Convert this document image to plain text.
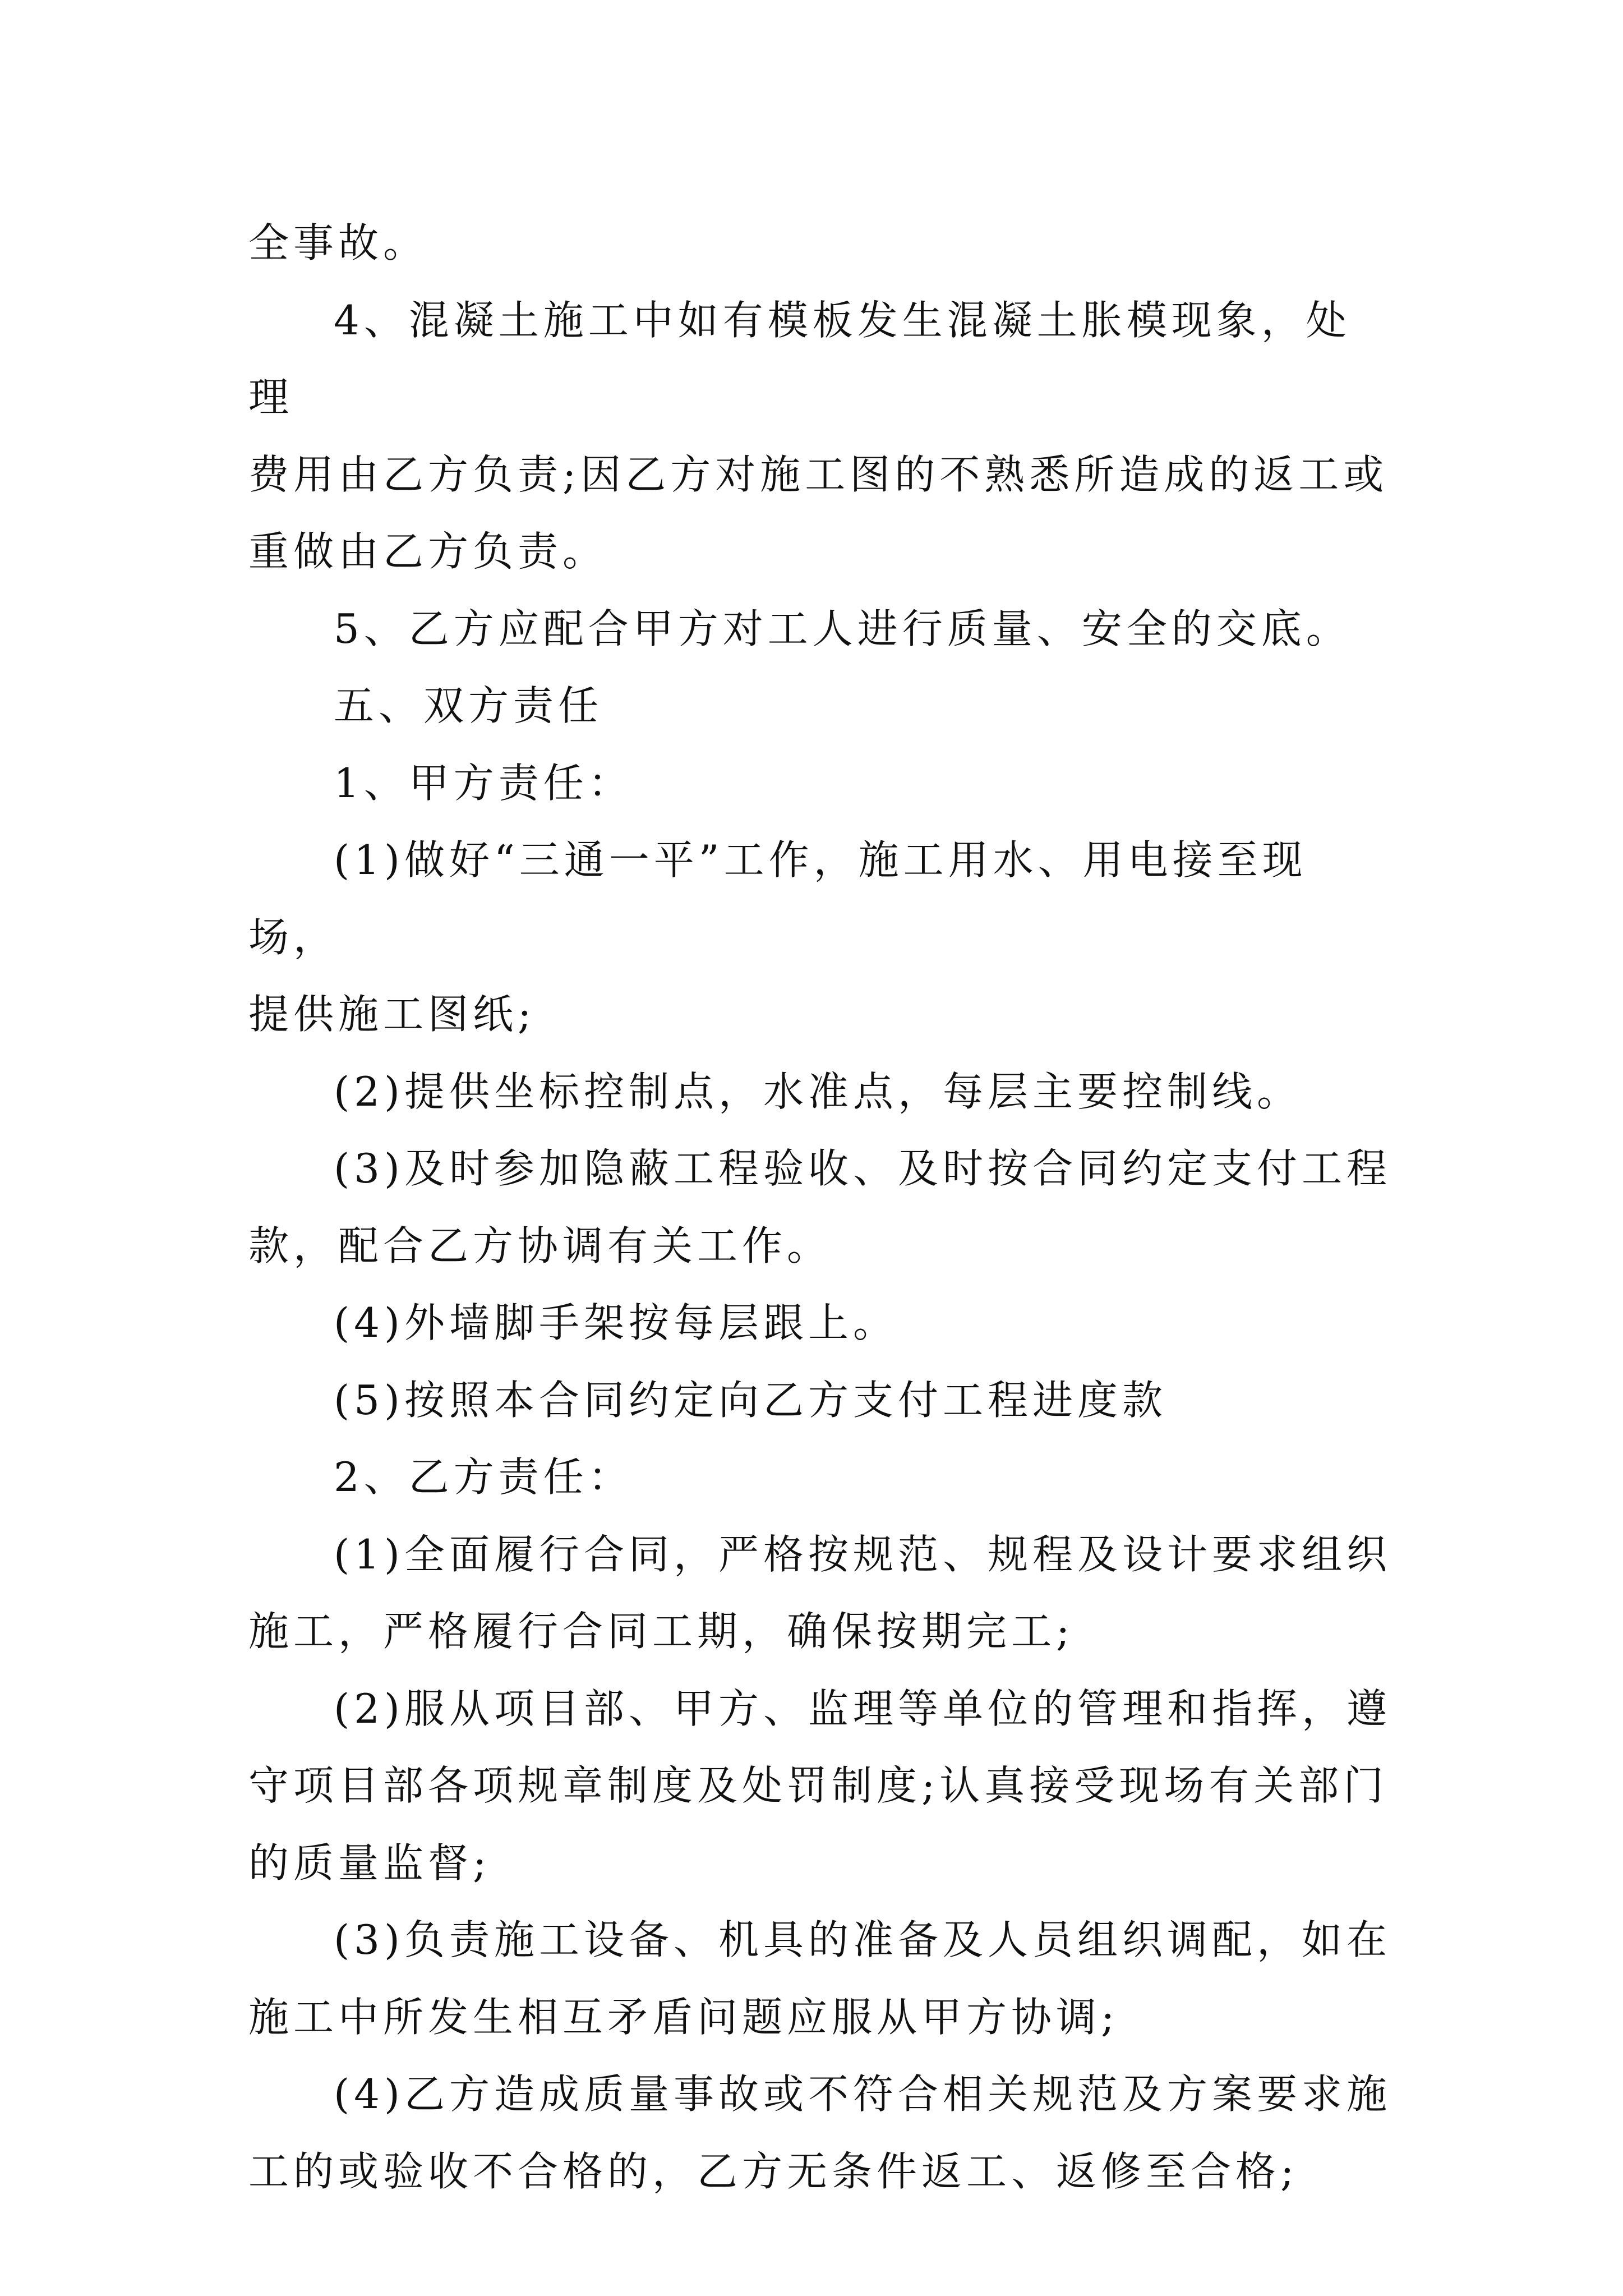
全事故。

4、混凝土施工中如有模板发生混凝土胀模现象，处理

费用由乙方负责;因乙方对施工图的不熟悉所造成的返工或

重做由乙方负责。

5、乙方应配合甲方对工人进行质量、安全的交底。

五、双方责任

1、甲方责任：

(1)做好“三通一平”工作，施工用水、用电接至现场，

提供施工图纸;

(2)提供坐标控制点，水准点，每层主要控制线。

(3)及时参加隐蔽工程验收、及时按合同约定支付工程

款，配合乙方协调有关工作。

(4)外墙脚手架按每层跟上。

(5)按照本合同约定向乙方支付工程进度款

2、乙方责任：

(1)全面履行合同，严格按规范、规程及设计要求组织

施工，严格履行合同工期，确保按期完工;

(2)服从项目部、甲方、监理等单位的管理和指挥，遵

守项目部各项规章制度及处罚制度;认真接受现场有关部门

的质量监督;

(3)负责施工设备、机具的准备及人员组织调配，如在

施工中所发生相互矛盾问题应服从甲方协调;

(4)乙方造成质量事故或不符合相关规范及方案要求施

工的或验收不合格的，乙方无条件返工、返修至合格;
